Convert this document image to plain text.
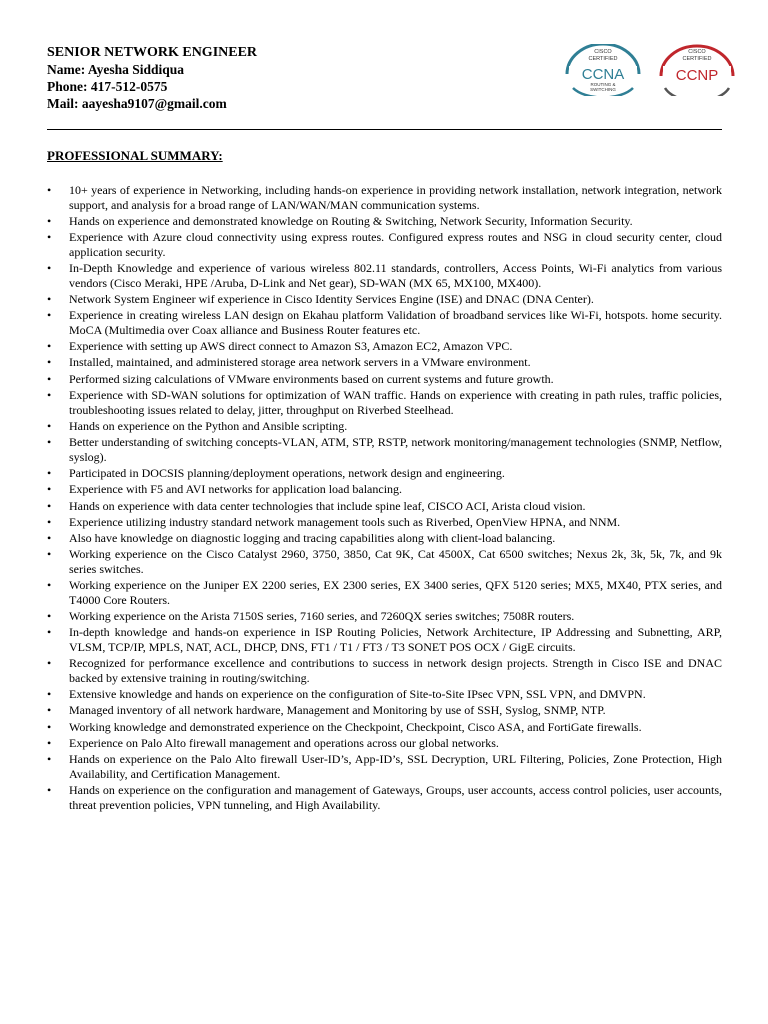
SENIOR NETWORK ENGINEER
Name: Ayesha Siddiqua
Phone: 417-512-0575
Mail: aayesha9107@gmail.com
CISCO
CERTIFIED
CCNA
ROUTING &
SWITCHING
CISCO
CERTIFIED
CCNP
PROFESSIONAL SUMMARY:
• 10+ years of experience in Networking, including hands-on experience in providing network installation, network integration, network support, and analysis for a broad range of LAN/WAN/MAN communication systems.
• Hands on experience and demonstrated knowledge on Routing & Switching, Network Security, Information Security.
• Experience with Azure cloud connectivity using express routes. Configured express routes and NSG in cloud security center, cloud application security.
• In-Depth Knowledge and experience of various wireless 802.11 standards, controllers, Access Points, Wi-Fi analytics from various vendors (Cisco Meraki, HPE /Aruba, D-Link and Net gear), SD-WAN (MX 65, MX100, MX400).
• Network System Engineer wif experience in Cisco Identity Services Engine (ISE) and DNAC (DNA Center).
• Experience in creating wireless LAN design on Ekahau platform Validation of broadband services like Wi-Fi, hotspots. home security. MoCA (Multimedia over Coax alliance and Business Router features etc.
• Experience with setting up AWS direct connect to Amazon S3, Amazon EC2, Amazon VPC.
• Installed, maintained, and administered storage area network servers in a VMware environment.
• Performed sizing calculations of VMware environments based on current systems and future growth.
• Experience with SD-WAN solutions for optimization of WAN traffic. Hands on experience with creating in path rules, traffic policies, troubleshooting issues related to delay, jitter, throughput on Riverbed Steelhead.
• Hands on experience on the Python and Ansible scripting.
• Better understanding of switching concepts-VLAN, ATM, STP, RSTP, network monitoring/management technologies (SNMP, Netflow, syslog).
• Participated in DOCSIS planning/deployment operations, network design and engineering.
• Experience with F5 and AVI networks for application load balancing.
• Hands on experience with data center technologies that include spine leaf, CISCO ACI, Arista cloud vision.
• Experience utilizing industry standard network management tools such as Riverbed, OpenView HPNA, and NNM.
• Also have knowledge on diagnostic logging and tracing capabilities along with client-load balancing.
• Working experience on the Cisco Catalyst 2960, 3750, 3850, Cat 9K, Cat 4500X, Cat 6500 switches; Nexus 2k, 3k, 5k, 7k, and 9k series switches.
• Working experience on the Juniper EX 2200 series, EX 2300 series, EX 3400 series, QFX 5120 series; MX5, MX40, PTX series, and T4000 Core Routers.
• Working experience on the Arista 7150S series, 7160 series, and 7260QX series switches; 7508R routers.
• In-depth knowledge and hands-on experience in ISP Routing Policies, Network Architecture, IP Addressing and Subnetting, ARP, VLSM, TCP/IP, MPLS, NAT, ACL, DHCP, DNS, FT1 / T1 / FT3 / T3 SONET POS OCX / GigE circuits.
• Recognized for performance excellence and contributions to success in network design projects. Strength in Cisco ISE and DNAC backed by extensive training in routing/switching.
• Extensive knowledge and hands on experience on the configuration of Site-to-Site IPsec VPN, SSL VPN, and DMVPN.
• Managed inventory of all network hardware, Management and Monitoring by use of SSH, Syslog, SNMP, NTP.
• Working knowledge and demonstrated experience on the Checkpoint, Checkpoint, Cisco ASA, and FortiGate firewalls.
• Experience on Palo Alto firewall management and operations across our global networks.
• Hands on experience on the Palo Alto firewall User-ID’s, App-ID’s, SSL Decryption, URL Filtering, Policies, Zone Protection, High Availability, and Certification Management.
• Hands on experience on the configuration and management of Gateways, Groups, user accounts, access control policies, user accounts, threat prevention policies, VPN tunneling, and High Availability.
